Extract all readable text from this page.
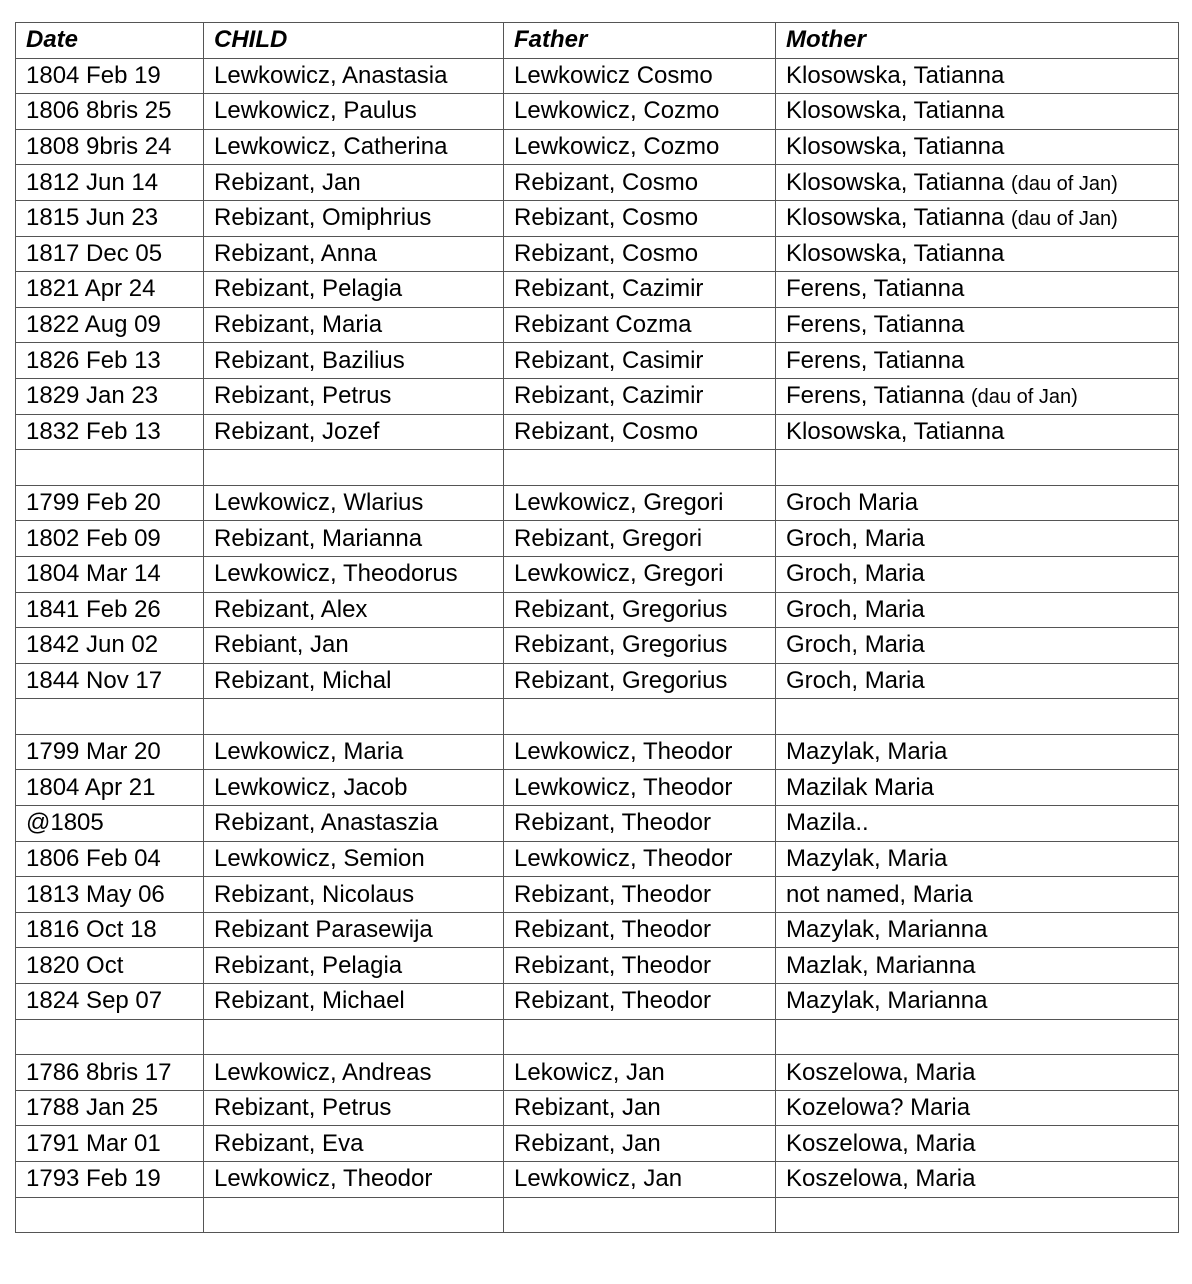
Date	CHILD	Father	Mother
1804 Feb 19	Lewkowicz, Anastasia	Lewkowicz Cosmo	Klosowska, Tatianna
1806 8bris 25	Lewkowicz, Paulus	Lewkowicz, Cozmo	Klosowska, Tatianna
1808 9bris 24	Lewkowicz, Catherina	Lewkowicz, Cozmo	Klosowska, Tatianna
1812 Jun 14	Rebizant, Jan	Rebizant, Cosmo	Klosowska, Tatianna (dau of Jan)
1815 Jun 23	Rebizant, Omiphrius	Rebizant, Cosmo	Klosowska, Tatianna (dau of Jan)
1817 Dec 05	Rebizant, Anna	Rebizant, Cosmo	Klosowska, Tatianna
1821 Apr 24	Rebizant, Pelagia	Rebizant, Cazimir	Ferens, Tatianna
1822 Aug 09	Rebizant, Maria	Rebizant Cozma	Ferens, Tatianna
1826 Feb 13	Rebizant, Bazilius	Rebizant, Casimir	Ferens, Tatianna
1829 Jan 23	Rebizant, Petrus	Rebizant, Cazimir	Ferens, Tatianna (dau of Jan)
1832 Feb 13	Rebizant, Jozef	Rebizant, Cosmo	Klosowska, Tatianna

1799 Feb 20	Lewkowicz, Wlarius	Lewkowicz, Gregori	Groch Maria
1802 Feb 09	Rebizant, Marianna	Rebizant, Gregori	Groch, Maria
1804 Mar 14	Lewkowicz, Theodorus	Lewkowicz, Gregori	Groch, Maria
1841 Feb 26	Rebizant, Alex	Rebizant, Gregorius	Groch, Maria
1842 Jun 02	Rebiant, Jan	Rebizant, Gregorius	Groch, Maria
1844 Nov 17	Rebizant, Michal	Rebizant, Gregorius	Groch, Maria

1799 Mar 20	Lewkowicz, Maria	Lewkowicz, Theodor	Mazylak, Maria
1804 Apr 21	Lewkowicz, Jacob	Lewkowicz, Theodor	Mazilak Maria
@1805	Rebizant, Anastaszia	Rebizant, Theodor	Mazila..
1806 Feb 04	Lewkowicz, Semion	Lewkowicz, Theodor	Mazylak, Maria
1813 May 06	Rebizant, Nicolaus	Rebizant, Theodor	not named, Maria
1816 Oct 18	Rebizant Parasewija	Rebizant, Theodor	Mazylak, Marianna
1820 Oct	Rebizant, Pelagia	Rebizant, Theodor	Mazlak, Marianna
1824 Sep 07	Rebizant, Michael	Rebizant, Theodor	Mazylak, Marianna

1786 8bris 17	Lewkowicz, Andreas	Lekowicz, Jan	Koszelowa, Maria
1788 Jan 25	Rebizant, Petrus	Rebizant, Jan	Kozelowa? Maria
1791 Mar 01	Rebizant, Eva	Rebizant, Jan	Koszelowa, Maria
1793 Feb 19	Lewkowicz, Theodor	Lewkowicz, Jan	Koszelowa, Maria
